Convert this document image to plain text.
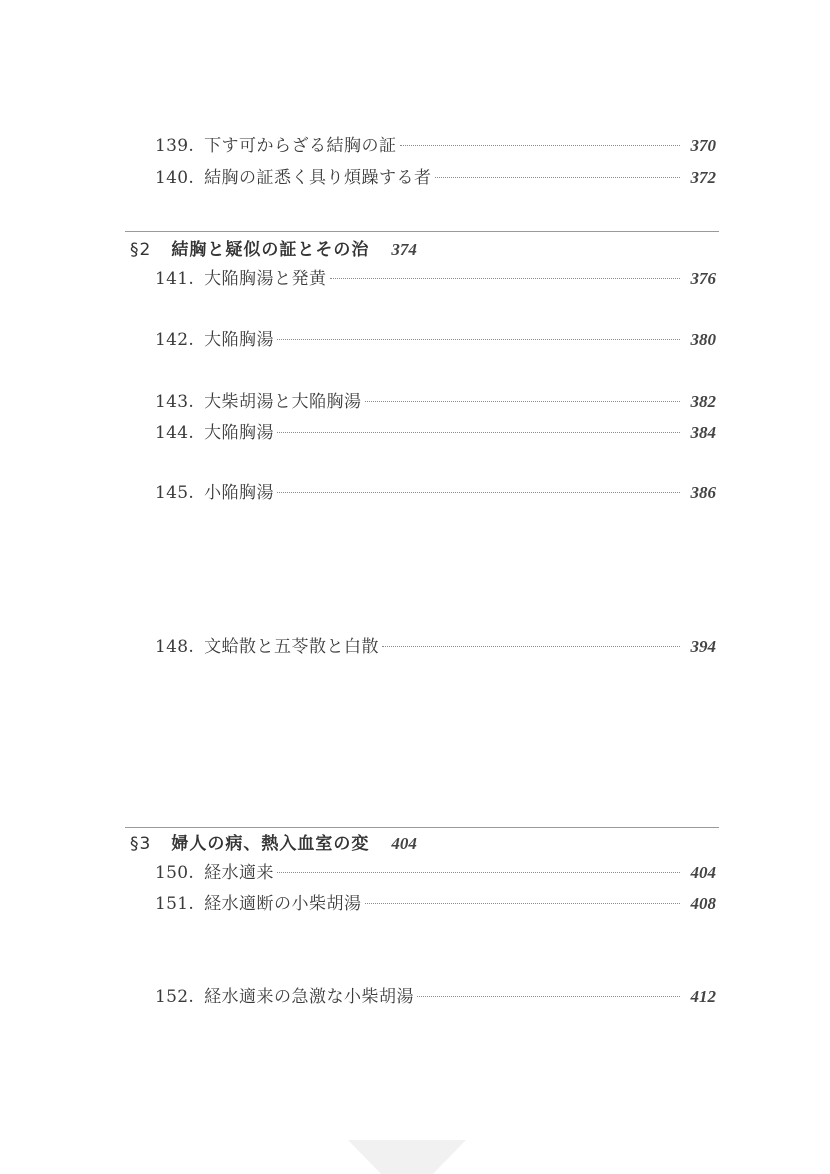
139. 下す可からざる結胸の証	370
140. 結胸の証悉く具り煩躁する者	372
§2 結胸と疑似の証とその治 374
141. 大陥胸湯と発黄	376
142. 大陥胸湯	380
143. 大柴胡湯と大陥胸湯	382
144. 大陥胸湯	384
145. 小陥胸湯	386
148. 文蛤散と五苓散と白散	394
§3 婦人の病、熱入血室の変 404
150. 経水適来	404
151. 経水適断の小柴胡湯	408
152. 経水適来の急激な小柴胡湯	412
